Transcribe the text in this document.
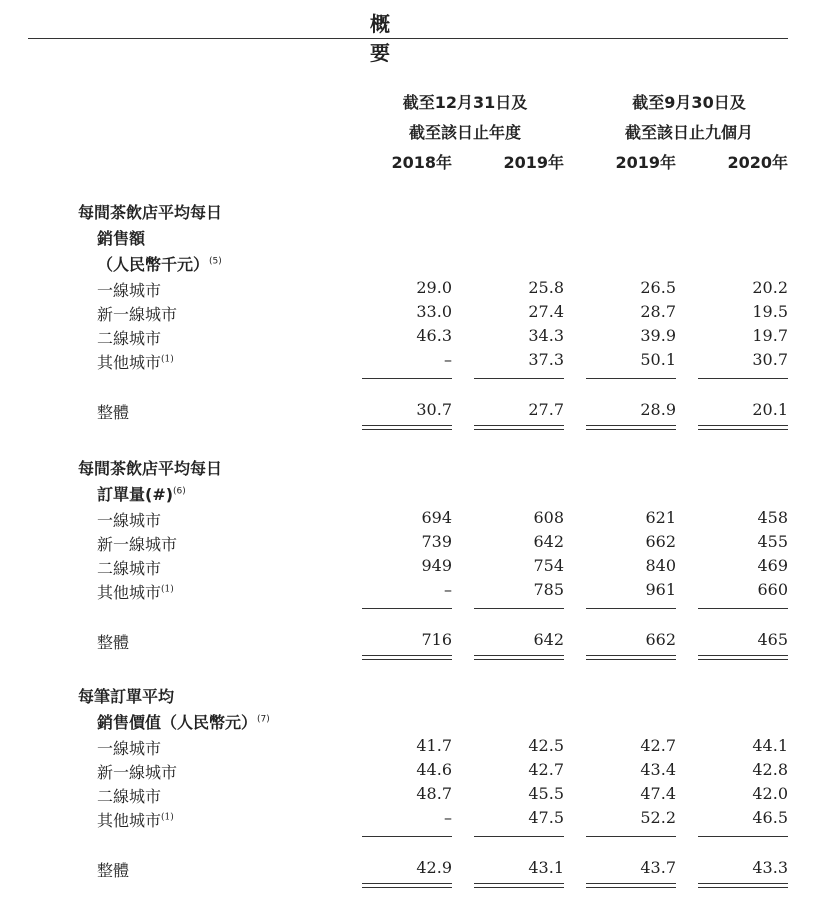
概　要
截至12月31日及
截至該日止年度
截至9月30日及
截至該日止九個月
2018年	2019年	2019年	2020年
每間茶飲店平均每日
銷售額
（人民幣千元）$^{(5)}$
一線城市	29.0	25.8	26.5	20.2
新一線城市	33.0	27.4	28.7	19.5
二線城市	46.3	34.3	39.9	19.7
其他城市$^{(1)}$	–	37.3	50.1	30.7
整體	30.7	27.7	28.9	20.1
每間茶飲店平均每日
訂單量(#)$^{(6)}$
一線城市	694	608	621	458
新一線城市	739	642	662	455
二線城市	949	754	840	469
其他城市$^{(1)}$	–	785	961	660
整體	716	642	662	465
每筆訂單平均
銷售價值（人民幣元）$^{(7)}$
一線城市	41.7	42.5	42.7	44.1
新一線城市	44.6	42.7	43.4	42.8
二線城市	48.7	45.5	47.4	42.0
其他城市$^{(1)}$	–	47.5	52.2	46.5
整體	42.9	43.1	43.7	43.3
